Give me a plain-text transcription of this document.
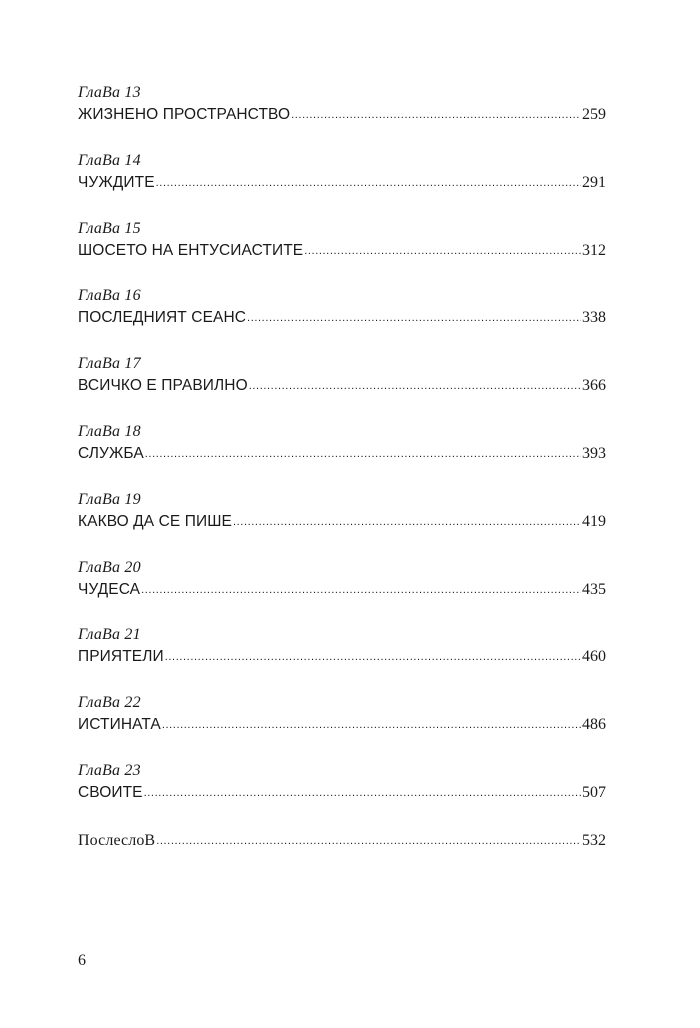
ГлаВа 13
ЖИЗНЕНО ПРОСТРАНСТВО .....	259
ГлаВа 14
ЧУЖДИТЕ .....	291
ГлаВа 15
ШОСЕТО НА ЕНТУСИАСТИТЕ .....	312
ГлаВа 16
ПОСЛЕДНИЯТ СЕАНС .....	338
ГлаВа 17
ВСИЧКО Е ПРАВИЛНО .....	366
ГлаВа 18
СЛУЖБА .....	393
ГлаВа 19
КАКВО ДА СЕ ПИШЕ .....	419
ГлаВа 20
ЧУДЕСА .....	435
ГлаВа 21
ПРИЯТЕЛИ .....	460
ГлаВа 22
ИСТИНАТА .....	486
ГлаВа 23
СВОИТЕ .....	507
ПослеслоВ .....	532
6
